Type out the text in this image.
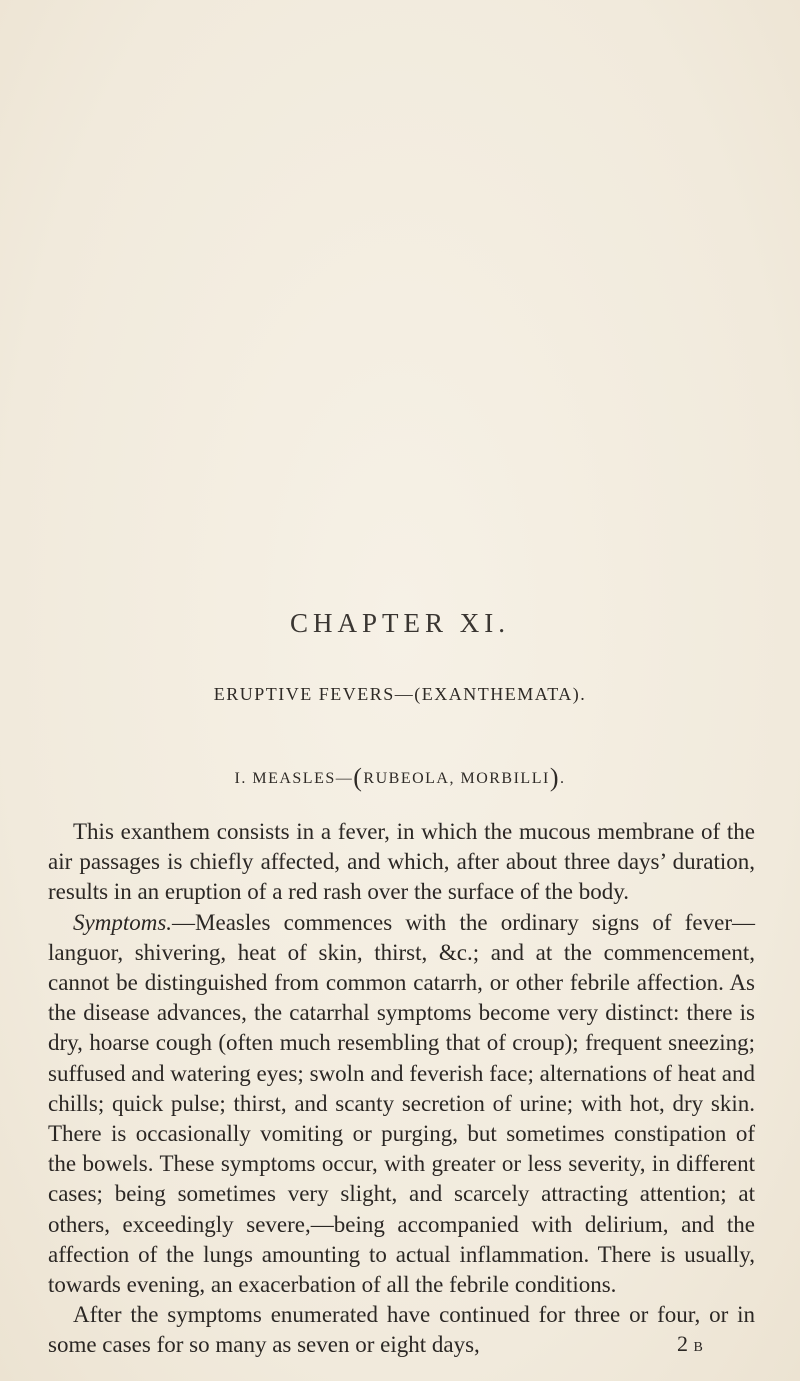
CHAPTER XI.
ERUPTIVE FEVERS—(EXANTHEMATA).
I. MEASLES—(RUBEOLA, MORBILLI).

This exanthem consists in a fever, in which the mucous membrane of the air passages is chiefly affected, and which, after about three days’ duration, results in an eruption of a red rash over the surface of the body.

Symptoms.—Measles commences with the ordinary signs of fever—languor, shivering, heat of skin, thirst, &c.; and at the commencement, cannot be distinguished from common catarrh, or other febrile affection. As the disease advances, the catarrhal symptoms become very distinct: there is dry, hoarse cough (often much resembling that of croup); frequent sneezing; suffused and watering eyes; swoln and feverish face; alternations of heat and chills; quick pulse; thirst, and scanty secretion of urine; with hot, dry skin. There is occasionally vomiting or purging, but sometimes constipation of the bowels. These symptoms occur, with greater or less severity, in different cases; being sometimes very slight, and scarcely attracting attention; at others, exceedingly severe,—being accompanied with delirium, and the affection of the lungs amounting to actual inflammation. There is usually, towards evening, an exacerbation of all the febrile conditions.

After the symptoms enumerated have continued for three or four, or in some cases for so many as seven or eight days,	2 B
